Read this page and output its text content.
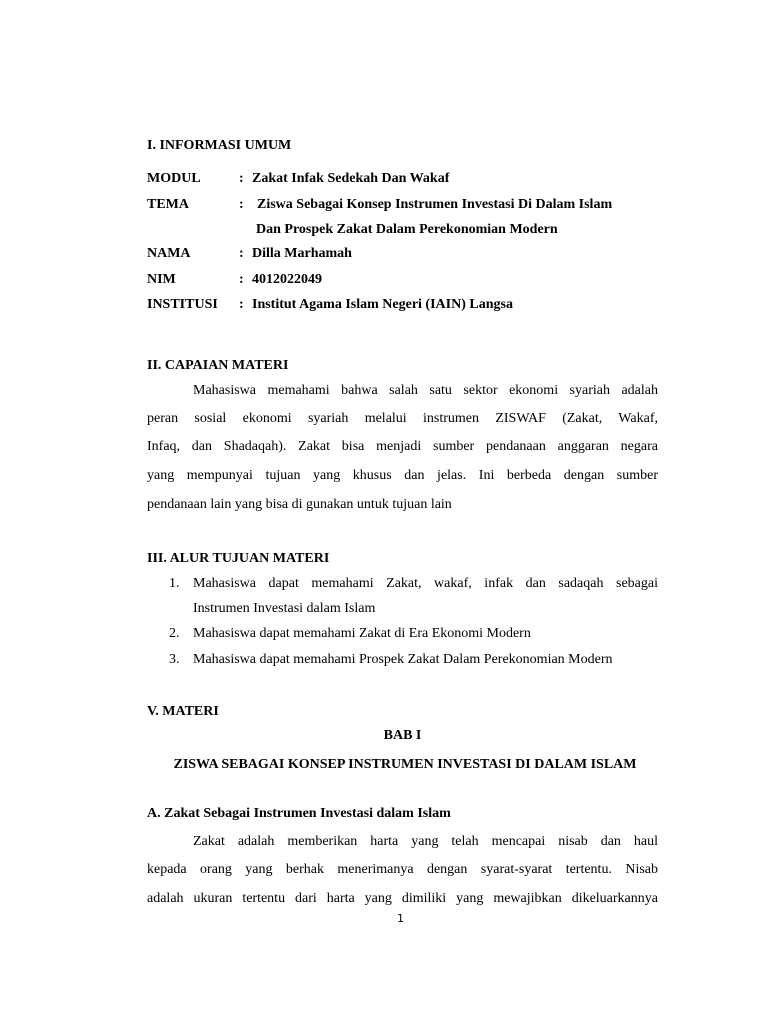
I. INFORMASI UMUM
MODUL	: Zakat Infak Sedekah Dan Wakaf
TEMA	: Ziswa Sebagai Konsep Instrumen Investasi Di Dalam Islam
Dan Prospek Zakat Dalam Perekonomian Modern
NAMA	: Dilla Marhamah
NIM	: 4012022049
INSTITUSI : Institut Agama Islam Negeri (IAIN) Langsa
II. CAPAIAN MATERI
Mahasiswa memahami bahwa salah satu sektor ekonomi syariah adalah
peran sosial ekonomi syariah melalui instrumen ZISWAF (Zakat, Wakaf,
Infaq, dan Shadaqah). Zakat bisa menjadi sumber pendanaan anggaran negara
yang mempunyai tujuan yang khusus dan jelas. Ini berbeda dengan sumber
pendanaan lain yang bisa di gunakan untuk tujuan lain
III. ALUR TUJUAN MATERI
1. Mahasiswa dapat memahami Zakat, wakaf, infak dan sadaqah sebagai
Instrumen Investasi dalam Islam
2. Mahasiswa dapat memahami Zakat di Era Ekonomi Modern
3. Mahasiswa dapat memahami Prospek Zakat Dalam Perekonomian Modern
V. MATERI
BAB I
ZISWA SEBAGAI KONSEP INSTRUMEN INVESTASI DI DALAM ISLAM
A. Zakat Sebagai Instrumen Investasi dalam Islam
Zakat adalah memberikan harta yang telah mencapai nisab dan haul
kepada orang yang berhak menerimanya dengan syarat-syarat tertentu. Nisab
adalah ukuran tertentu dari harta yang dimiliki yang mewajibkan dikeluarkannya
1
